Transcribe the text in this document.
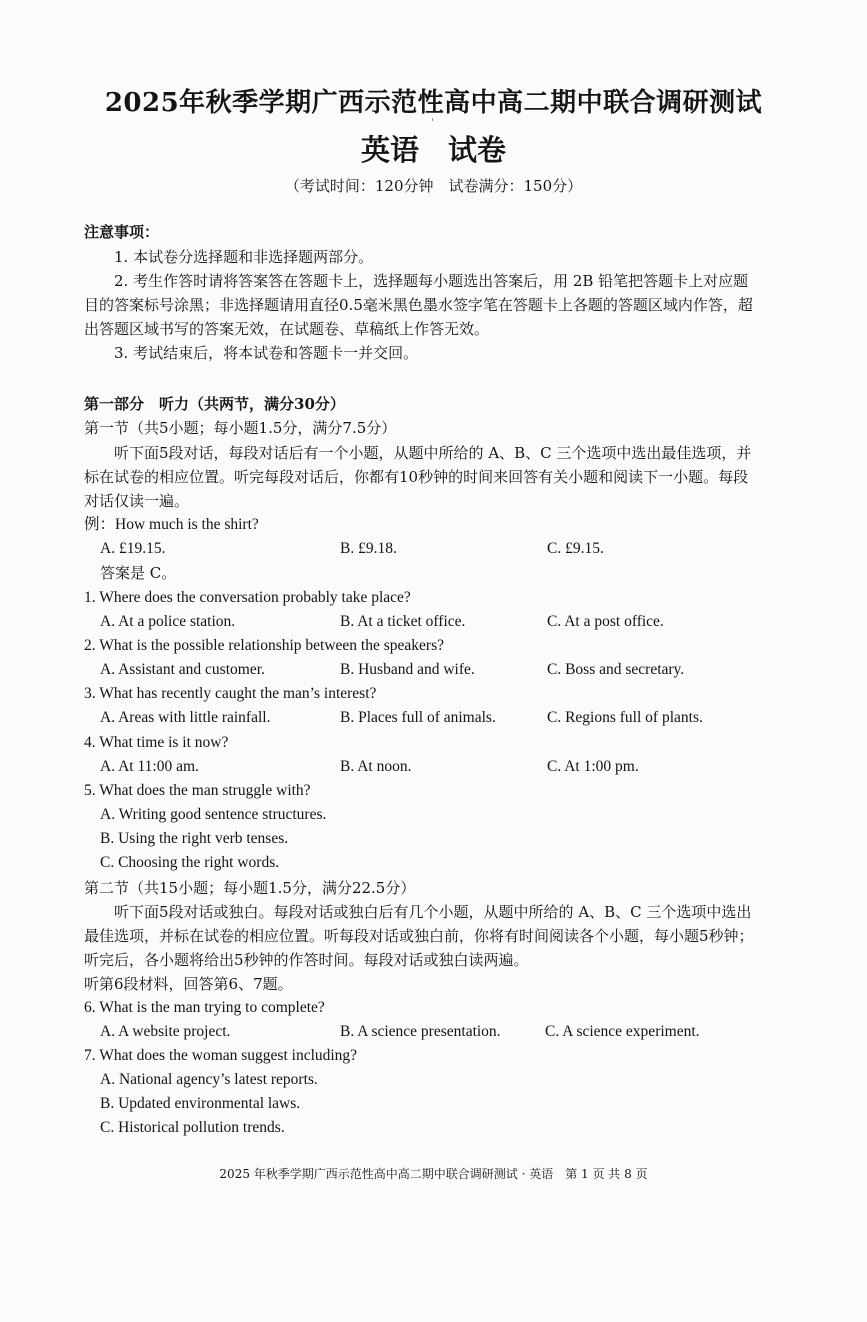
2025年秋季学期广西示范性高中高二期中联合调研测试
英语　试卷
（考试时间：120分钟　试卷满分：150分）
注意事项：
1. 本试卷分选择题和非选择题两部分。
2. 考生作答时请将答案答在答题卡上，选择题每小题选出答案后，用 2B 铅笔把答题卡上对应题
目的答案标号涂黑；非选择题请用直径0.5毫米黑色墨水签字笔在答题卡上各题的答题区域内作答，超
出答题区域书写的答案无效，在试题卷、草稿纸上作答无效。
3. 考试结束后，将本试卷和答题卡一并交回。
第一部分　听力（共两节，满分30分）
第一节（共5小题；每小题1.5分，满分7.5分）
听下面5段对话，每段对话后有一个小题，从题中所给的 A、B、C 三个选项中选出最佳选项，并
标在试卷的相应位置。听完每段对话后，你都有10秒钟的时间来回答有关小题和阅读下一小题。每段
对话仅读一遍。
例：How much is the shirt?
A. £19.15.	B. £9.18.	C. £9.15.
答案是 C。
1. Where does the conversation probably take place?
A. At a police station.	B. At a ticket office.	C. At a post office.
2. What is the possible relationship between the speakers?
A. Assistant and customer.	B. Husband and wife.	C. Boss and secretary.
3. What has recently caught the man’s interest?
A. Areas with little rainfall.	B. Places full of animals.	C. Regions full of plants.
4. What time is it now?
A. At 11:00 am.	B. At noon.	C. At 1:00 pm.
5. What does the man struggle with?
A. Writing good sentence structures.
B. Using the right verb tenses.
C. Choosing the right words.
第二节（共15小题；每小题1.5分，满分22.5分）
听下面5段对话或独白。每段对话或独白后有几个小题，从题中所给的 A、B、C 三个选项中选出
最佳选项，并标在试卷的相应位置。听每段对话或独白前，你将有时间阅读各个小题，每小题5秒钟；
听完后，各小题将给出5秒钟的作答时间。每段对话或独白读两遍。
听第6段材料，回答第6、7题。
6. What is the man trying to complete?
A. A website project.	B. A science presentation.	C. A science experiment.
7. What does the woman suggest including?
A. National agency’s latest reports.
B. Updated environmental laws.
C. Historical pollution trends.
2025 年秋季学期广西示范性高中高二期中联合调研测试 · 英语　第 1 页 共 8 页
